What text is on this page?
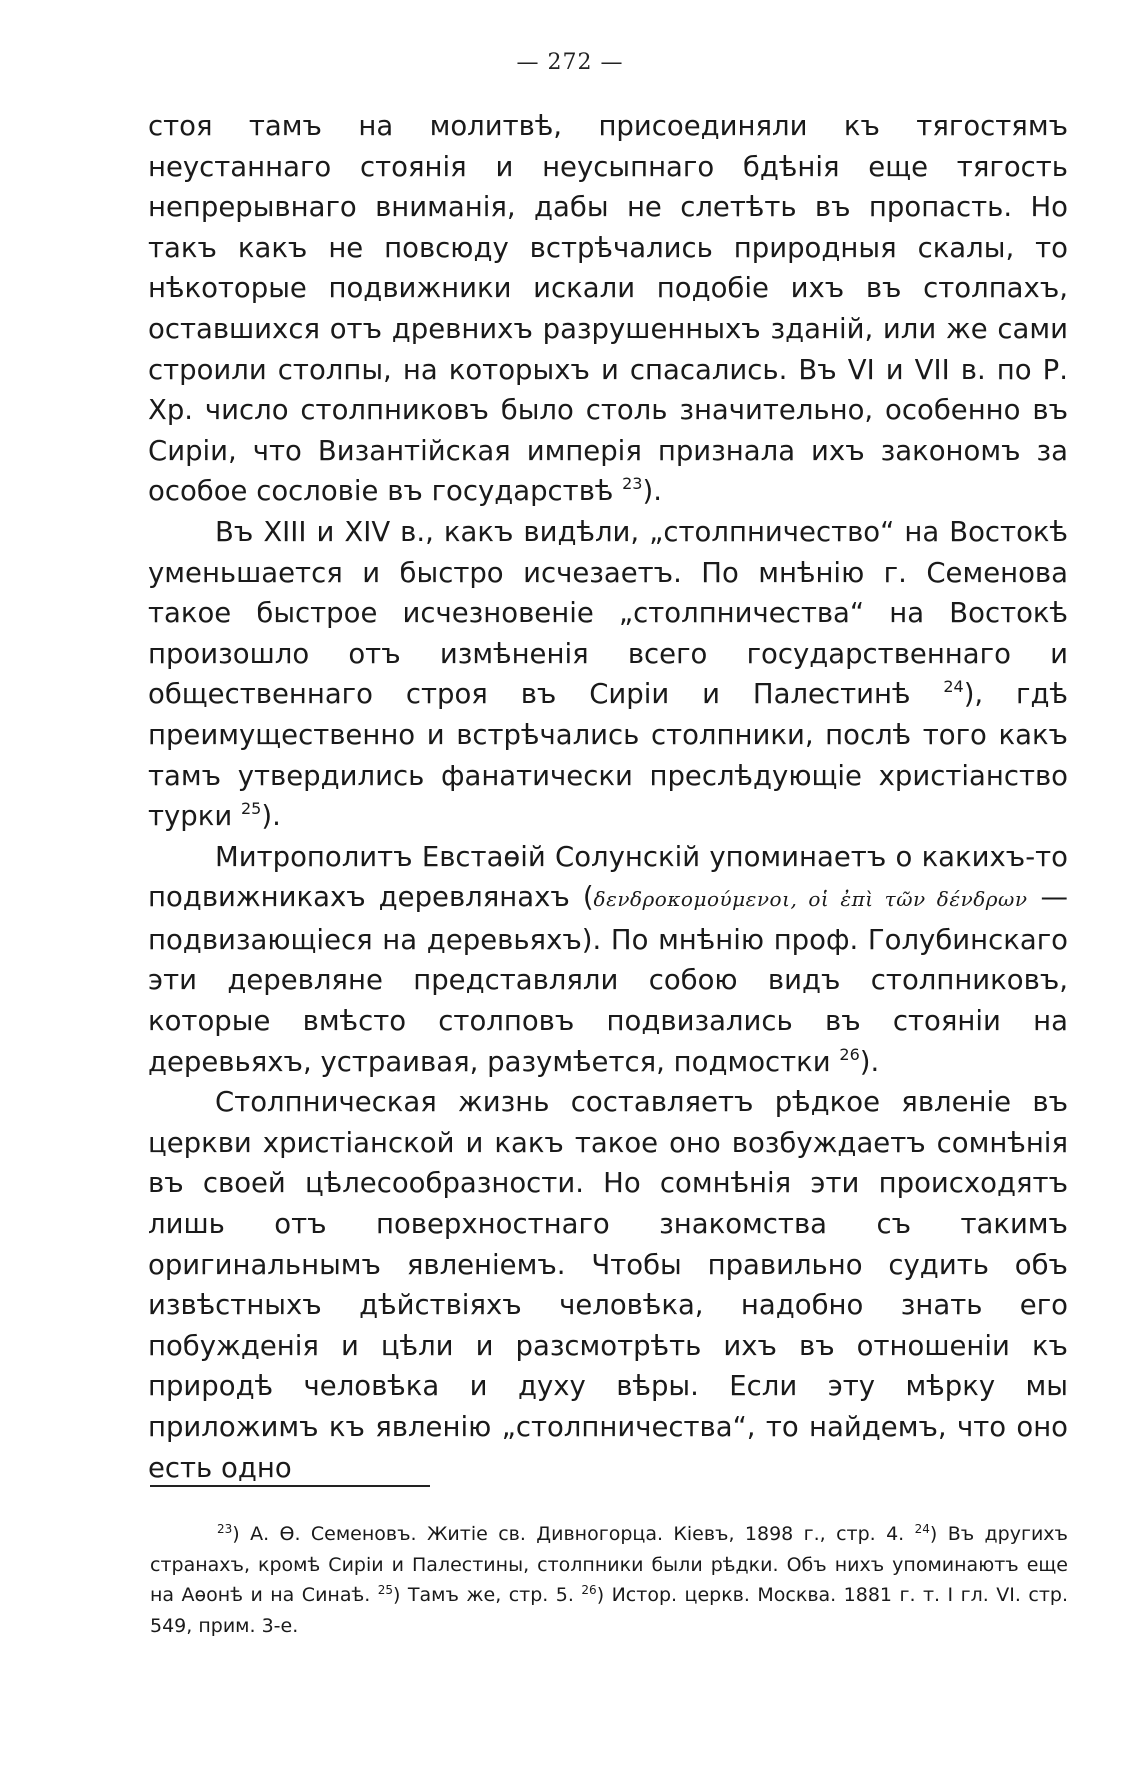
— 272 —

стоя тамъ на молитвѣ, присоединяли къ тягостямъ неустаннаго стоянія и неусыпнаго бдѣнія еще тягость непрерывнаго вниманія, дабы не слетѣть въ пропасть. Но такъ какъ не повсюду встрѣчались природныя скалы, то нѣкоторые подвижники искали подобіе ихъ въ столпахъ, оставшихся отъ древнихъ разрушенныхъ зданій, или же сами строили столпы, на которыхъ и спасались. Въ VI и VII в. по Р. Хр. число столпниковъ было столь значительно, особенно въ Сиріи, что Византійская имперія признала ихъ закономъ за особое сословіе въ государствѣ $^{23}$).

Въ XIII и XIV в., какъ видѣли, „столпничество“ на Востокѣ уменьшается и быстро исчезаетъ. По мнѣнію г. Семенова такое быстрое исчезновеніе „столпничества“ на Востокѣ произошло отъ измѣненія всего государственнаго и общественнаго строя въ Сиріи и Палестинѣ $^{24}$), гдѣ преимущественно и встрѣчались столпники, послѣ того какъ тамъ утвердились фанатически преслѣдующіе христіанство турки $^{25}$).

Митрополитъ Евстаѳій Солунскій упоминаетъ о какихъ-то подвижникахъ деревлянахъ (δενδροκομούμενοι, οἱ ἐπὶ τῶν δένδρων — подвизающіеся на деревьяхъ). По мнѣнію проф. Голубинскаго эти деревляне представляли собою видъ столпниковъ, которые вмѣсто столповъ подвизались въ стояніи на деревьяхъ, устраивая, разумѣется, подмостки $^{26}$).

Столпническая жизнь составляетъ рѣдкое явленіе въ церкви христіанской и какъ такое оно возбуждаетъ сомнѣнія въ своей цѣлесообразности. Но сомнѣнія эти происходятъ лишь отъ поверхностнаго знакомства съ такимъ оригинальнымъ явленіемъ. Чтобы правильно судить объ извѣстныхъ дѣйствіяхъ человѣка, надобно знать его побужденія и цѣли и разсмотрѣть ихъ въ отношеніи къ природѣ человѣка и духу вѣры. Если эту мѣрку мы приложимъ къ явленію „столпничества“, то найдемъ, что оно есть одно

$^{23}$) А. Ѳ. Семеновъ. Житіе св. Дивногорца. Кіевъ, 1898 г., стр. 4. $^{24}$) Въ другихъ странахъ, кромѣ Сиріи и Палестины, столпники были рѣдки. Объ нихъ упоминаютъ еще на Аѳонѣ и на Синаѣ. $^{25}$) Тамъ же, стр. 5. $^{26}$) Истор. церкв. Москва. 1881 г. т. I гл. VI. стр. 549, прим. 3-е.
